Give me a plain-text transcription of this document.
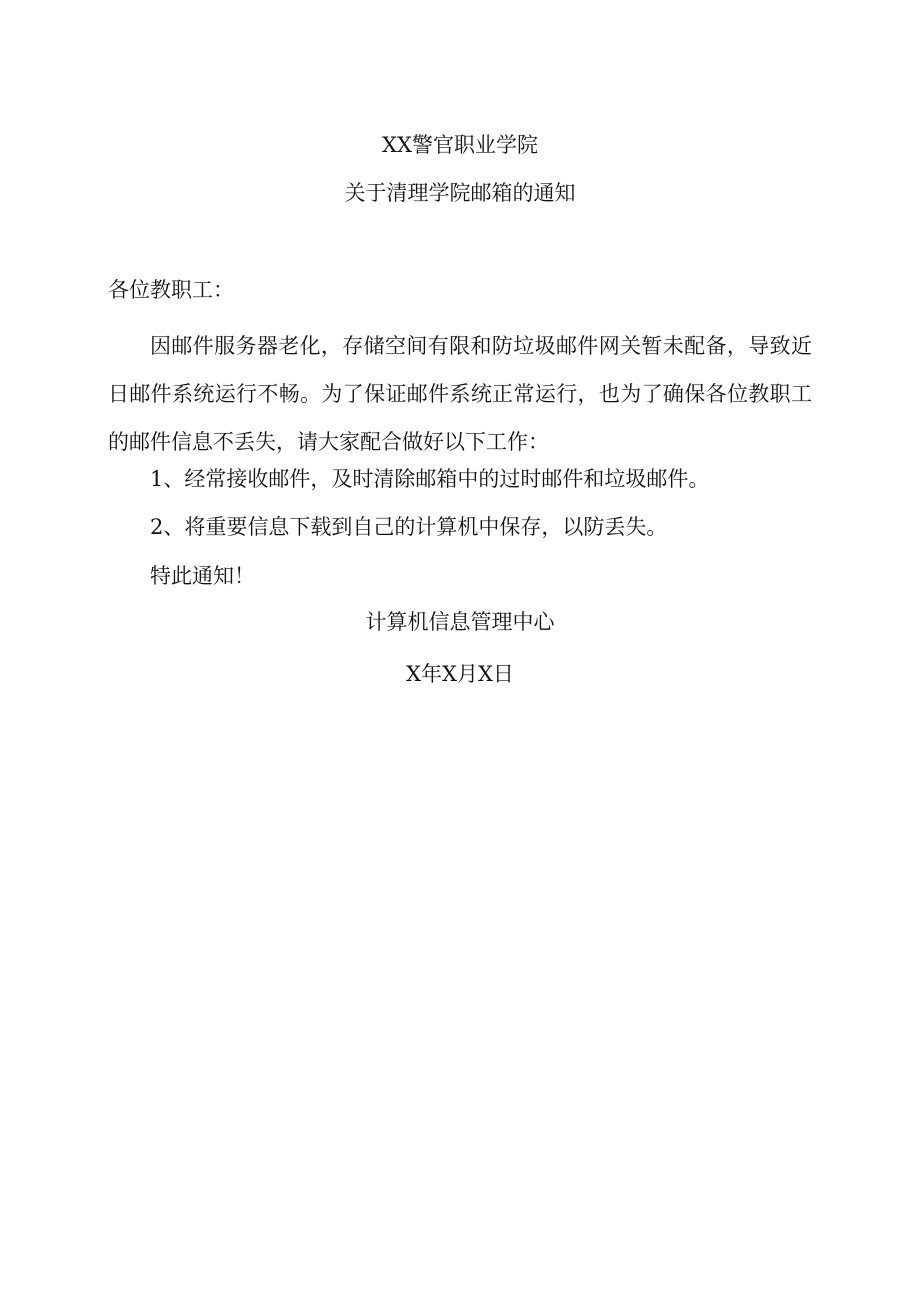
XX警官职业学院
关于清理学院邮箱的通知
各位教职工：

因邮件服务器老化，存储空间有限和防垃圾邮件网关暂未配备，导致近日邮件系统运行不畅。为了保证邮件系统正常运行，也为了确保各位教职工的邮件信息不丢失，请大家配合做好以下工作：

1、经常接收邮件，及时清除邮箱中的过时邮件和垃圾邮件。
2、将重要信息下载到自己的计算机中保存，以防丢失。
特此通知！
计算机信息管理中心
X年X月X日
